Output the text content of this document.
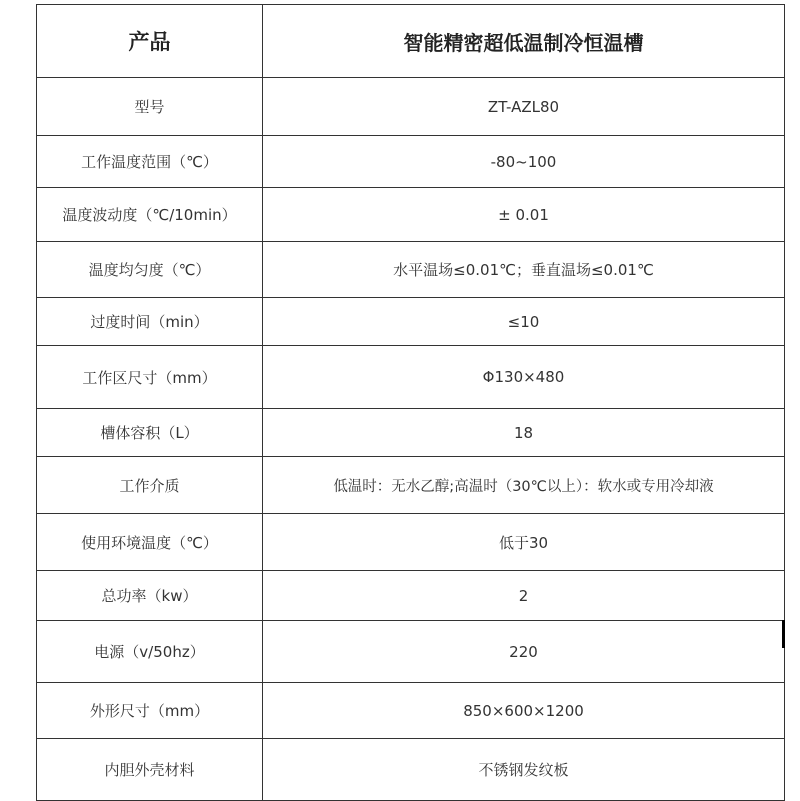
产品	智能精密超低温制冷恒温槽
型号	ZT-AZL80
工作温度范围（℃）	-80~100
温度波动度（℃/10min）	± 0.01
温度均匀度（℃）	水平温场≤0.01℃；垂直温场≤0.01℃
过度时间（min）	≤10
工作区尺寸（mm）	Φ130×480
槽体容积（L）	18
工作介质	低温时：无水乙醇;高温时（30℃以上）：软水或专用冷却液
使用环境温度（℃）	低于30
总功率（kw）	2
电源（v/50hz）	220
外形尺寸（mm）	850×600×1200
内胆外壳材料	不锈钢发纹板
